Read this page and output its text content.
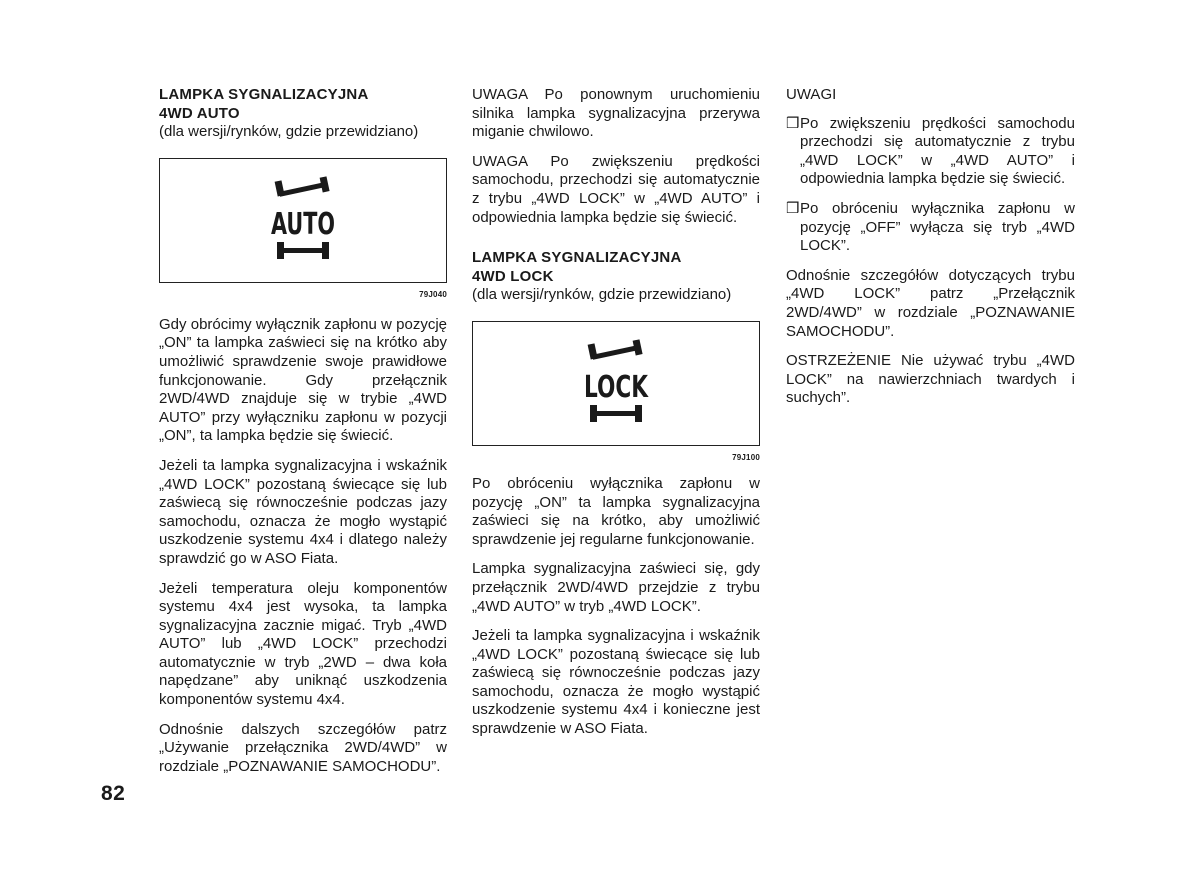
LAMPKA SYGNALIZACYJNA
4WD AUTO
(dla wersji/rynków, gdzie przewidziano)
AUTO
79J040

Gdy obrócimy wyłącznik zapłonu w pozycję „ON” ta lampka zaświeci się na krótko aby umożliwić sprawdzenie swoje prawidłowe funkcjonowanie. Gdy przełącznik 2WD/4WD znajduje się w trybie „4WD AUTO” przy wyłączniku zapłonu w pozycji „ON”, ta lampka będzie się świecić.

Jeżeli ta lampka sygnalizacyjna i wskaźnik „4WD LOCK” pozostaną świecące się lub zaświecą się równocześnie podczas jazy samochodu, oznacza że mogło wystąpić uszkodzenie systemu 4x4 i dlatego należy sprawdzić go w ASO Fiata.

Jeżeli temperatura oleju komponentów systemu 4x4 jest wysoka, ta lampka sygnalizacyjna zacznie migać. Tryb „4WD AUTO” lub „4WD LOCK” przechodzi automatycznie w tryb „2WD – dwa koła napędzane” aby uniknąć uszkodzenia komponentów systemu 4x4.

Odnośnie dalszych szczegółów patrz „Używanie przełącznika 2WD/4WD” w rozdziale „POZNAWANIE SAMOCHODU”.

UWAGA Po ponownym uruchomieniu silnika lampka sygnalizacyjna przerywa miganie chwilowo.

UWAGA Po zwiększeniu prędkości samochodu, przechodzi się automatycznie z trybu „4WD LOCK” w „4WD AUTO” i odpowiednia lampka będzie się świecić.

LAMPKA SYGNALIZACYJNA
4WD LOCK
(dla wersji/rynków, gdzie przewidziano)
LOCK
79J100

Po obróceniu wyłącznika zapłonu w pozycję „ON” ta lampka sygnalizacyjna zaświeci się na krótko, aby umożliwić sprawdzenie jej regularne funkcjonowanie.

Lampka sygnalizacyjna zaświeci się, gdy przełącznik 2WD/4WD przejdzie z trybu „4WD AUTO” w tryb „4WD LOCK”.

Jeżeli ta lampka sygnalizacyjna i wskaźnik „4WD LOCK” pozostaną świecące się lub zaświecą się równocześnie podczas jazy samochodu, oznacza że mogło wystąpić uszkodzenie systemu 4x4 i konieczne jest sprawdzenie w ASO Fiata.

UWAGI

❒ Po zwiększeniu prędkości samochodu przechodzi się automatycznie z trybu „4WD LOCK” w „4WD AUTO” i odpowiednia lampka będzie się świecić.
❒ Po obróceniu wyłącznika zapłonu w pozycję „OFF” wyłącza się tryb „4WD LOCK”.

Odnośnie szczegółów dotyczących trybu „4WD LOCK” patrz „Przełącznik 2WD/4WD” w rozdziale „POZNAWANIE SAMOCHODU”.

OSTRZEŻENIE Nie używać trybu „4WD LOCK” na nawierzchniach twardych i suchych”.

82
